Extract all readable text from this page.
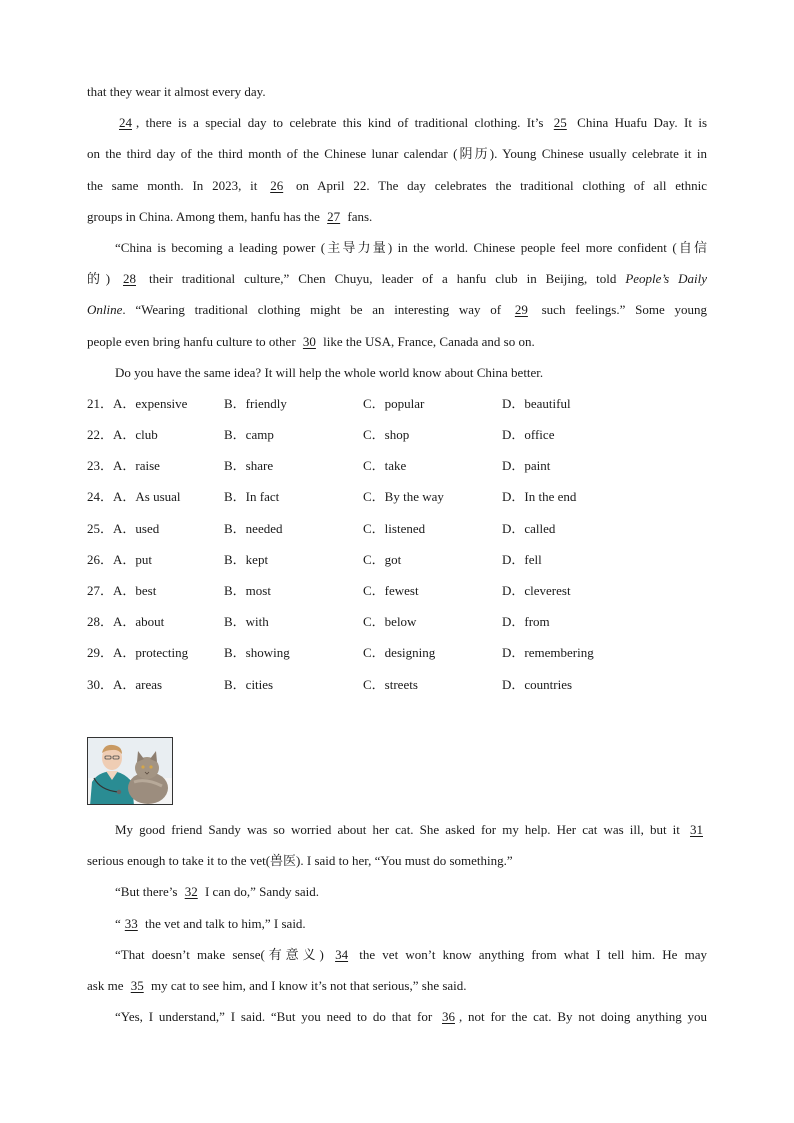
that they wear it almost every day.
24 , there is a special day to celebrate this kind of traditional clothing. It’s 25 China Huafu Day. It is
on the third day of the third month of the Chinese lunar calendar (阴历). Young Chinese usually celebrate it in
the same month. In 2023, it 26 on April 22. The day celebrates the traditional clothing of all ethnic
groups in China. Among them, hanfu has the 27 fans.
“China is becoming a leading power (主导力量) in the world. Chinese people feel more confident (自信
的) 28 their traditional culture,” Chen Chuyu, leader of a hanfu club in Beijing, told People’s Daily
Online. “Wearing traditional clothing might be an interesting way of 29 such feelings.” Some young
people even bring hanfu culture to other 30 like the USA, France, Canada and so on.
Do you have the same idea? It will help the whole world know about China better.
21．A．expensive	B．friendly	C．popular	D．beautiful
22．A．club	B．camp	C．shop	D．office
23．A．raise	B．share	C．take	D．paint
24．A．As usual	B．In fact	C．By the way	D．In the end
25．A．used	B．needed	C．listened	D．called
26．A．put	B．kept	C．got	D．fell
27．A．best	B．most	C．fewest	D．cleverest
28．A．about	B．with	C．below	D．from
29．A．protecting	B．showing	C．designing	D．remembering
30．A．areas	B．cities	C．streets	D．countries
My good friend Sandy was so worried about her cat. She asked for my help. Her cat was ill, but it 31
serious enough to take it to the vet(兽医). I said to her, “You must do something.”
“But there’s 32 I can do,” Sandy said.
“ 33 the vet and talk to him,” I said.
“That doesn’t make sense(有意义) 34 the vet won’t know anything from what I tell him. He may
ask me 35 my cat to see him, and I know it’s not that serious,” she said.
“Yes, I understand,” I said. “But you need to do that for 36 , not for the cat. By not doing anything you
